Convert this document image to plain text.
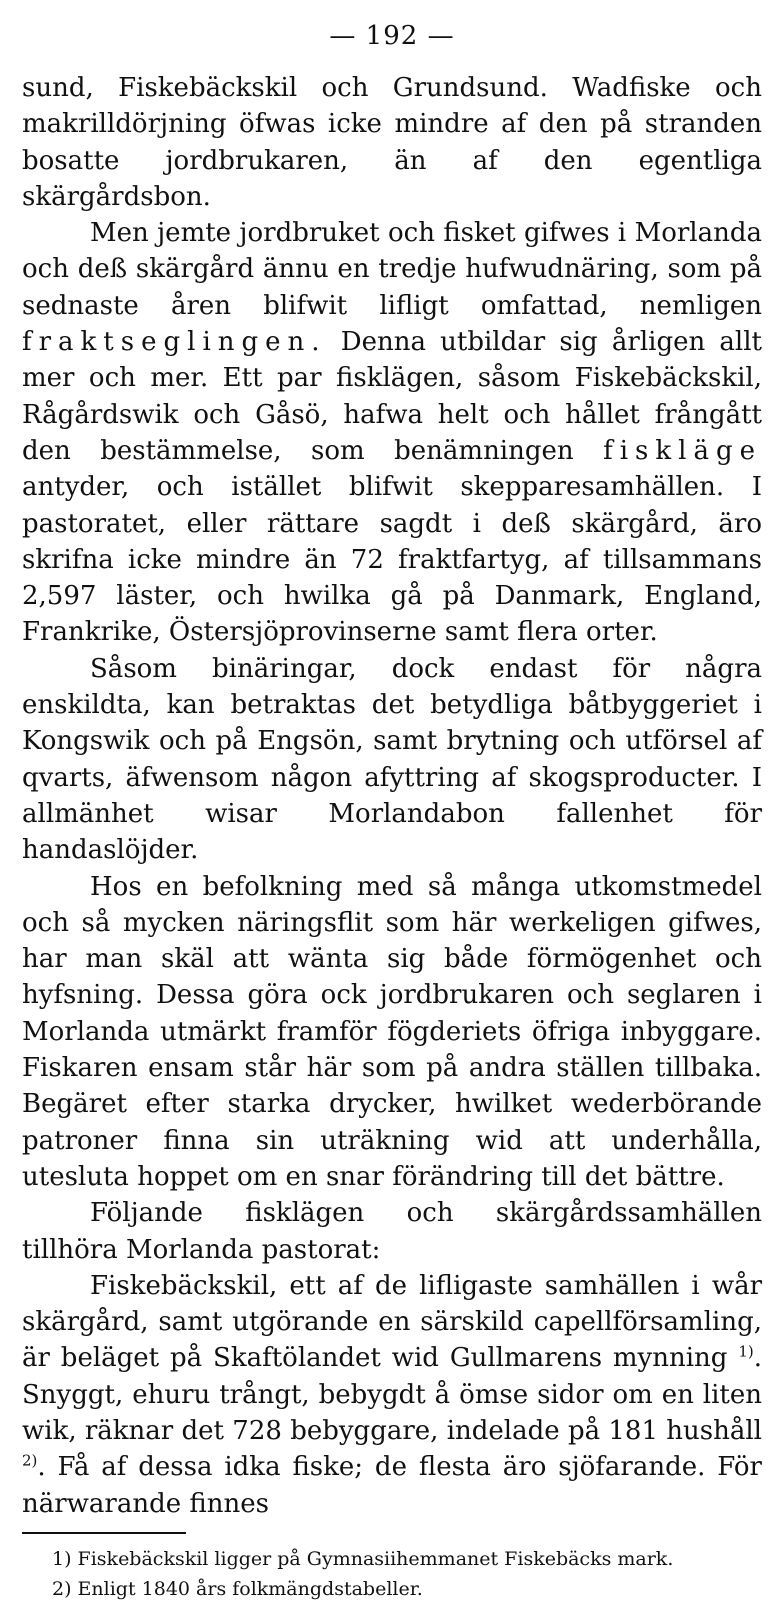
— 192 —

sund, Fiskebäckskil och Grundsund. Wadfiske och makrilldörjning öfwas icke mindre af den på stranden bosatte jordbrukaren, än af den egentliga skärgårdsbon.

Men jemte jordbruket och fisket gifwes i Morlanda och deß skärgård ännu en tredje hufwudnäring, som på sednaste åren blifwit lifligt omfattad, nemligen fraktseglingen. Denna utbildar sig årligen allt mer och mer. Ett par fisklägen, såsom Fiskebäckskil, Rågårdswik och Gåsö, hafwa helt och hållet frångått den bestämmelse, som benämningen fiskläge antyder, och istället blifwit skepparesamhällen. I pastoratet, eller rättare sagdt i deß skärgård, äro skrifna icke mindre än 72 fraktfartyg, af tillsammans 2,597 läster, och hwilka gå på Danmark, England, Frankrike, Östersjöprovinserne samt flera orter.

Såsom binäringar, dock endast för några enskildta, kan betraktas det betydliga båtbyggeriet i Kongswik och på Engsön, samt brytning och utförsel af qvarts, äfwensom någon afyttring af skogsproducter. I allmänhet wisar Morlandabon fallenhet för handaslöjder.

Hos en befolkning med så många utkomstmedel och så mycken näringsflit som här werkeligen gifwes, har man skäl att wänta sig både förmögenhet och hyfsning. Dessa göra ock jordbrukaren och seglaren i Morlanda utmärkt framför fögderiets öfriga inbyggare. Fiskaren ensam står här som på andra ställen tillbaka. Begäret efter starka drycker, hwilket wederbörande patroner finna sin uträkning wid att underhålla, utesluta hoppet om en snar förändring till det bättre.

Följande fisklägen och skärgårdssamhällen tillhöra Morlanda pastorat:

Fiskebäckskil, ett af de lifligaste samhällen i wår skärgård, samt utgörande en särskild capellförsamling, är beläget på Skaftölandet wid Gullmarens mynning $^{1)}$. Snyggt, ehuru trångt, bebygdt å ömse sidor om en liten wik, räknar det 728 bebyggare, indelade på 181 hushåll $^{2)}$. Få af dessa idka fiske; de flesta äro sjöfarande. För närwarande finnes

1) Fiskebäckskil ligger på Gymnasiihemmanet Fiskebäcks mark.

2) Enligt 1840 års folkmängdstabeller.
